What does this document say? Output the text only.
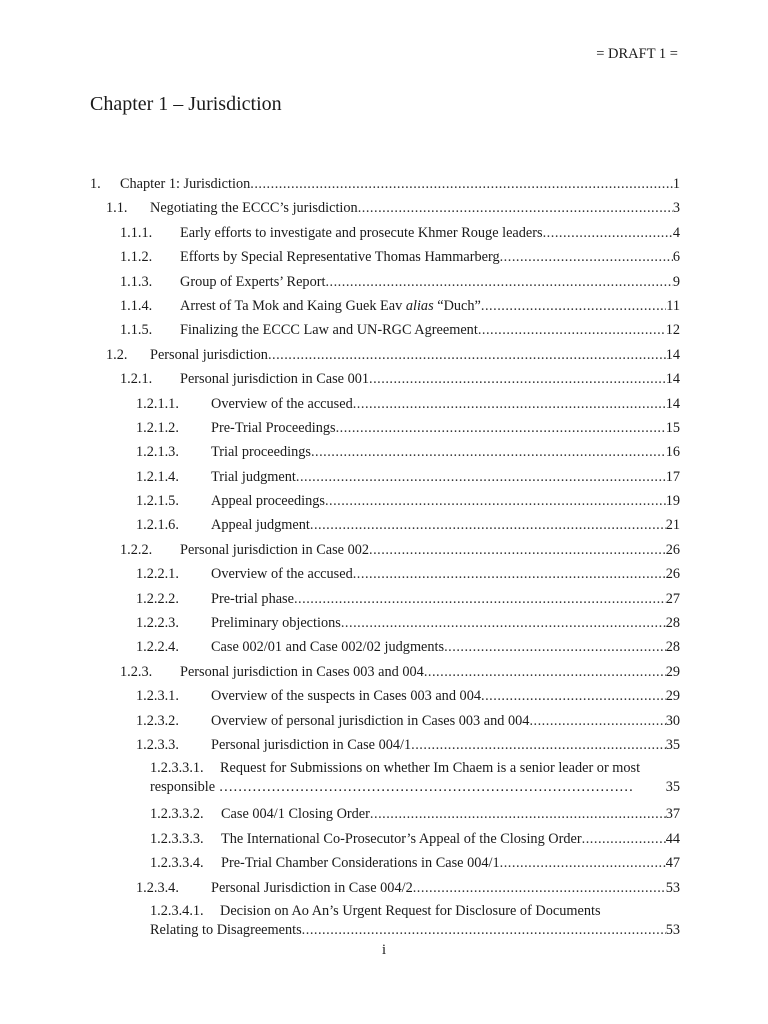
= DRAFT 1 =
Chapter 1 – Jurisdiction
1. Chapter 1: Jurisdiction .....	1
1.1. Negotiating the ECCC’s jurisdiction .....	3
1.1.1. Early efforts to investigate and prosecute Khmer Rouge leaders .....	4
1.1.2. Efforts by Special Representative Thomas Hammarberg .....	6
1.1.3. Group of Experts’ Report .....	9
1.1.4. Arrest of Ta Mok and Kaing Guek Eav alias “Duch” .....	11
1.1.5. Finalizing the ECCC Law and UN-RGC Agreement .....	12
1.2. Personal jurisdiction .....	14
1.2.1. Personal jurisdiction in Case 001 .....	14
1.2.1.1. Overview of the accused .....	14
1.2.1.2. Pre-Trial Proceedings .....	15
1.2.1.3. Trial proceedings .....	16
1.2.1.4. Trial judgment .....	17
1.2.1.5. Appeal proceedings .....	19
1.2.1.6. Appeal judgment .....	21
1.2.2. Personal jurisdiction in Case 002 .....	26
1.2.2.1. Overview of the accused .....	26
1.2.2.2. Pre-trial phase .....	27
1.2.2.3. Preliminary objections .....	28
1.2.2.4. Case 002/01 and Case 002/02 judgments .....	28
1.2.3. Personal jurisdiction in Cases 003 and 004 .....	29
1.2.3.1. Overview of the suspects in Cases 003 and 004 .....	29
1.2.3.2. Overview of personal jurisdiction in Cases 003 and 004 .....	30
1.2.3.3. Personal jurisdiction in Case 004/1 .....	35
1.2.3.3.1. Request for Submissions on whether Im Chaem is a senior leader or most
responsible …………………………………………………………………………… 35
1.2.3.3.2. Case 004/1 Closing Order .....	37
1.2.3.3.3. The International Co-Prosecutor’s Appeal of the Closing Order .....	44
1.2.3.3.4. Pre-Trial Chamber Considerations in Case 004/1 .....	47
1.2.3.4. Personal Jurisdiction in Case 004/2 .....	53
1.2.3.4.1. Decision on Ao An’s Urgent Request for Disclosure of Documents
Relating to Disagreements .....	53
i
